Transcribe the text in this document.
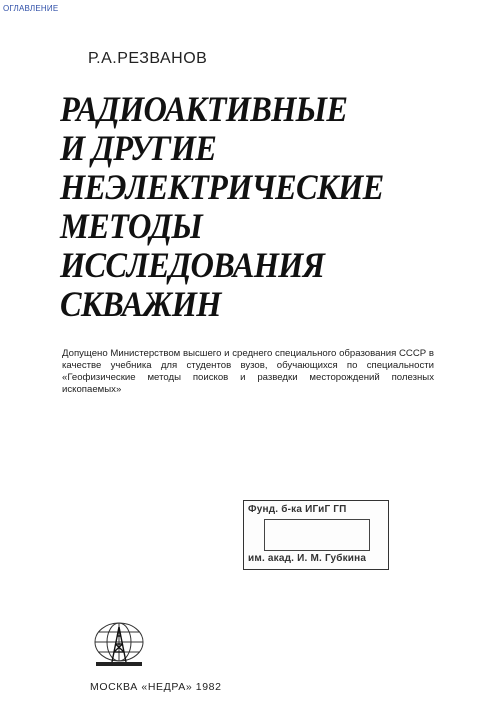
ОГЛАВЛЕНИЕ
Р.А.РЕЗВАНОВ
РАДИОАКТИВНЫЕ
И ДРУГИЕ
НЕЭЛЕКТРИЧЕСКИЕ
МЕТОДЫ
ИССЛЕДОВАНИЯ
СКВАЖИН
Допущено Министерством высшего и среднего специального образования СССР в качестве учебника для студентов вузов, обучающихся по специальности «Геофизические методы поисков и разведки месторождений полезных ископаемых»
Фунд. б-ка ИГиГ ГП
им. акад. И. М. Губкина
МОСКВА «НЕДРА» 1982
